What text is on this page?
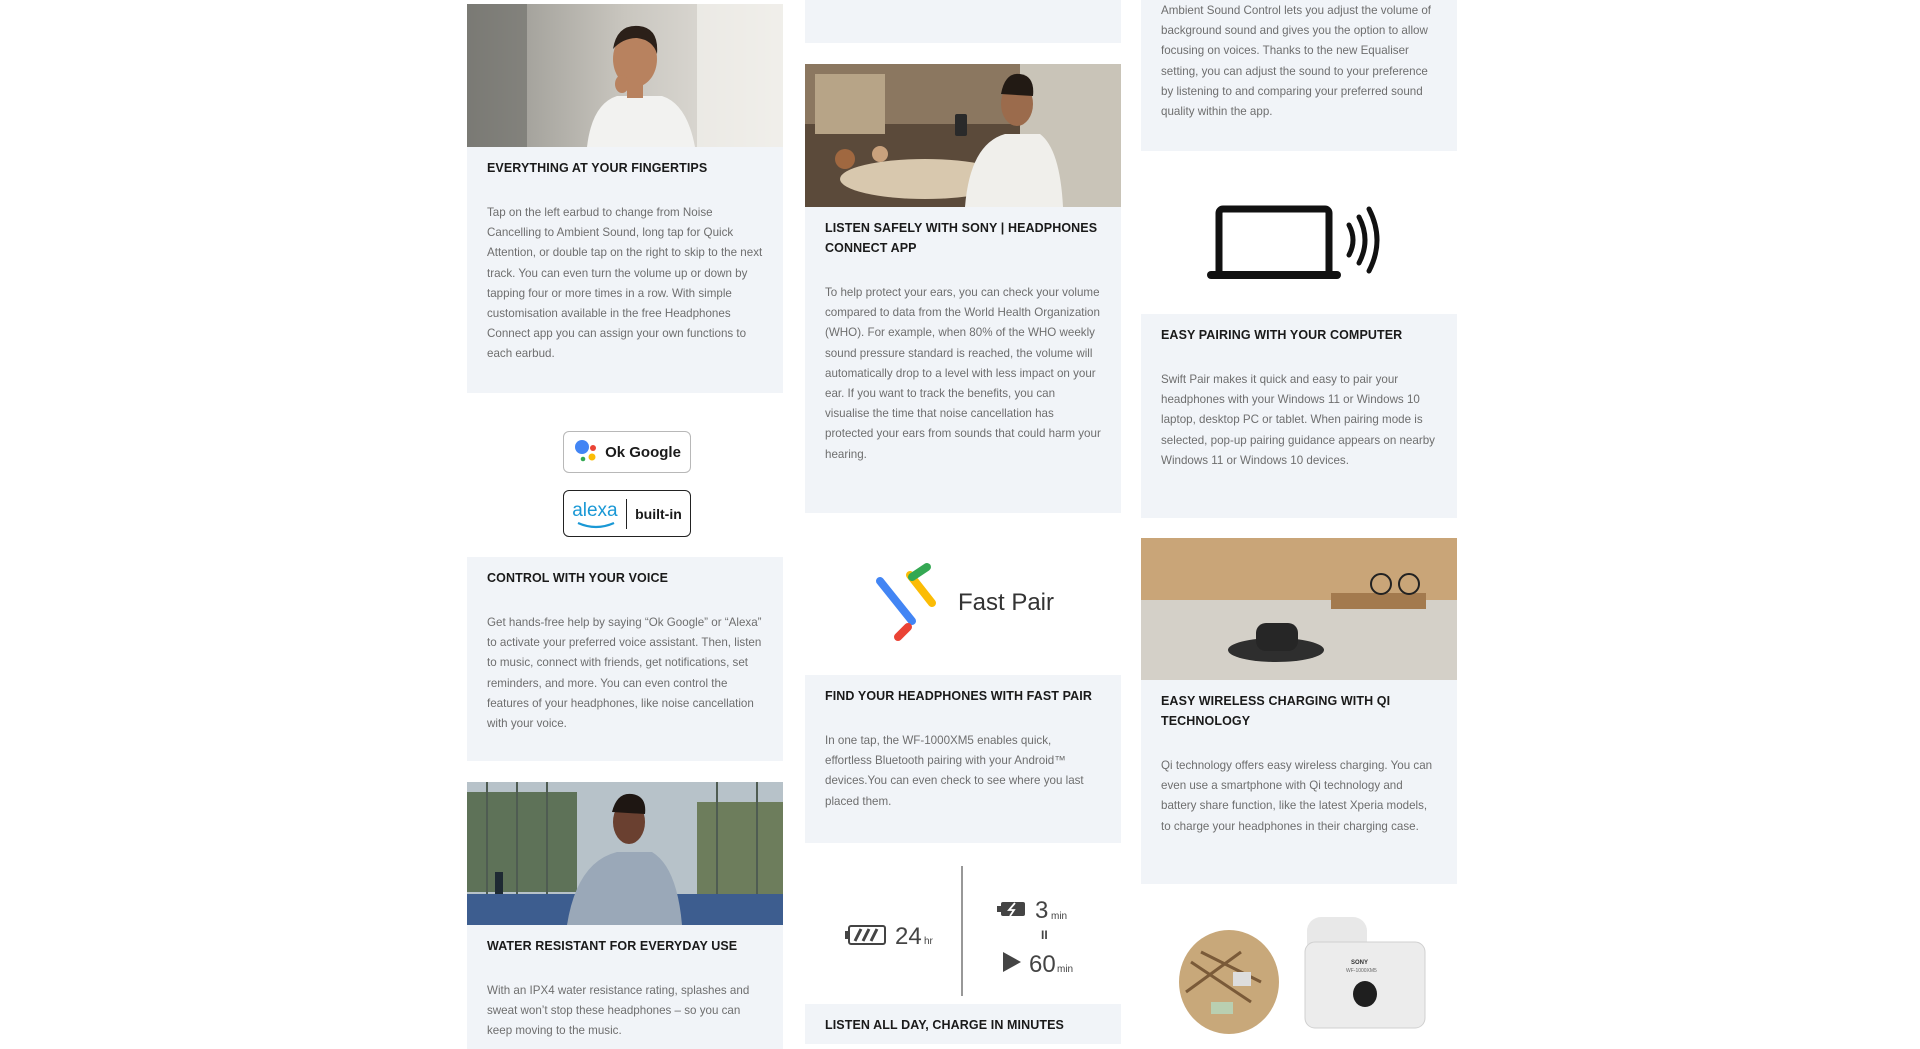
EVERYTHING AT YOUR FINGERTIPS

Tap on the left earbud to change from Noise Cancelling to Ambient Sound, long tap for Quick Attention, or double tap on the right to skip to the next track. You can even turn the volume up or down by tapping four or more times in a row. With simple customisation available in the free Headphones Connect app you can assign your own functions to each earbud.

Ok Google
alexa built-in
CONTROL WITH YOUR VOICE

Get hands-free help by saying “Ok Google” or “Alexa” to activate your preferred voice assistant. Then, listen to music, connect with friends, get notifications, set reminders, and more. You can even control the features of your headphones, like noise cancellation with your voice.

WATER RESISTANT FOR EVERYDAY USE

With an IPX4 water resistance rating, splashes and sweat won’t stop these headphones – so you can keep moving to the music.

LISTEN SAFELY WITH SONY | HEADPHONES CONNECT APP

To help protect your ears, you can check your volume compared to data from the World Health Organization (WHO). For example, when 80% of the WHO weekly sound pressure standard is reached, the volume will automatically drop to a level with less impact on your ear. If you want to track the benefits, you can visualise the time that noise cancellation has protected your ears from sounds that could harm your hearing.

Fast Pair
FIND YOUR HEADPHONES WITH FAST PAIR

In one tap, the WF-1000XM5 enables quick, effortless Bluetooth pairing with your Android™ devices.You can even check to see where you last placed them.

24 hr
3 min
II
60 min
LISTEN ALL DAY, CHARGE IN MINUTES

Ambient Sound Control lets you adjust the volume of background sound and gives you the option to allow focusing on voices. Thanks to the new Equaliser setting, you can adjust the sound to your preference by listening to and comparing your preferred sound quality within the app.

EASY PAIRING WITH YOUR COMPUTER

Swift Pair makes it quick and easy to pair your headphones with your Windows 11 or Windows 10 laptop, desktop PC or tablet. When pairing mode is selected, pop-up pairing guidance appears on nearby Windows 11 or Windows 10 devices.

EASY WIRELESS CHARGING WITH QI TECHNOLOGY

Qi technology offers easy wireless charging. You can even use a smartphone with Qi technology and battery share function, like the latest Xperia models, to charge your headphones in their charging case.

SONY
WF-1000XM5
